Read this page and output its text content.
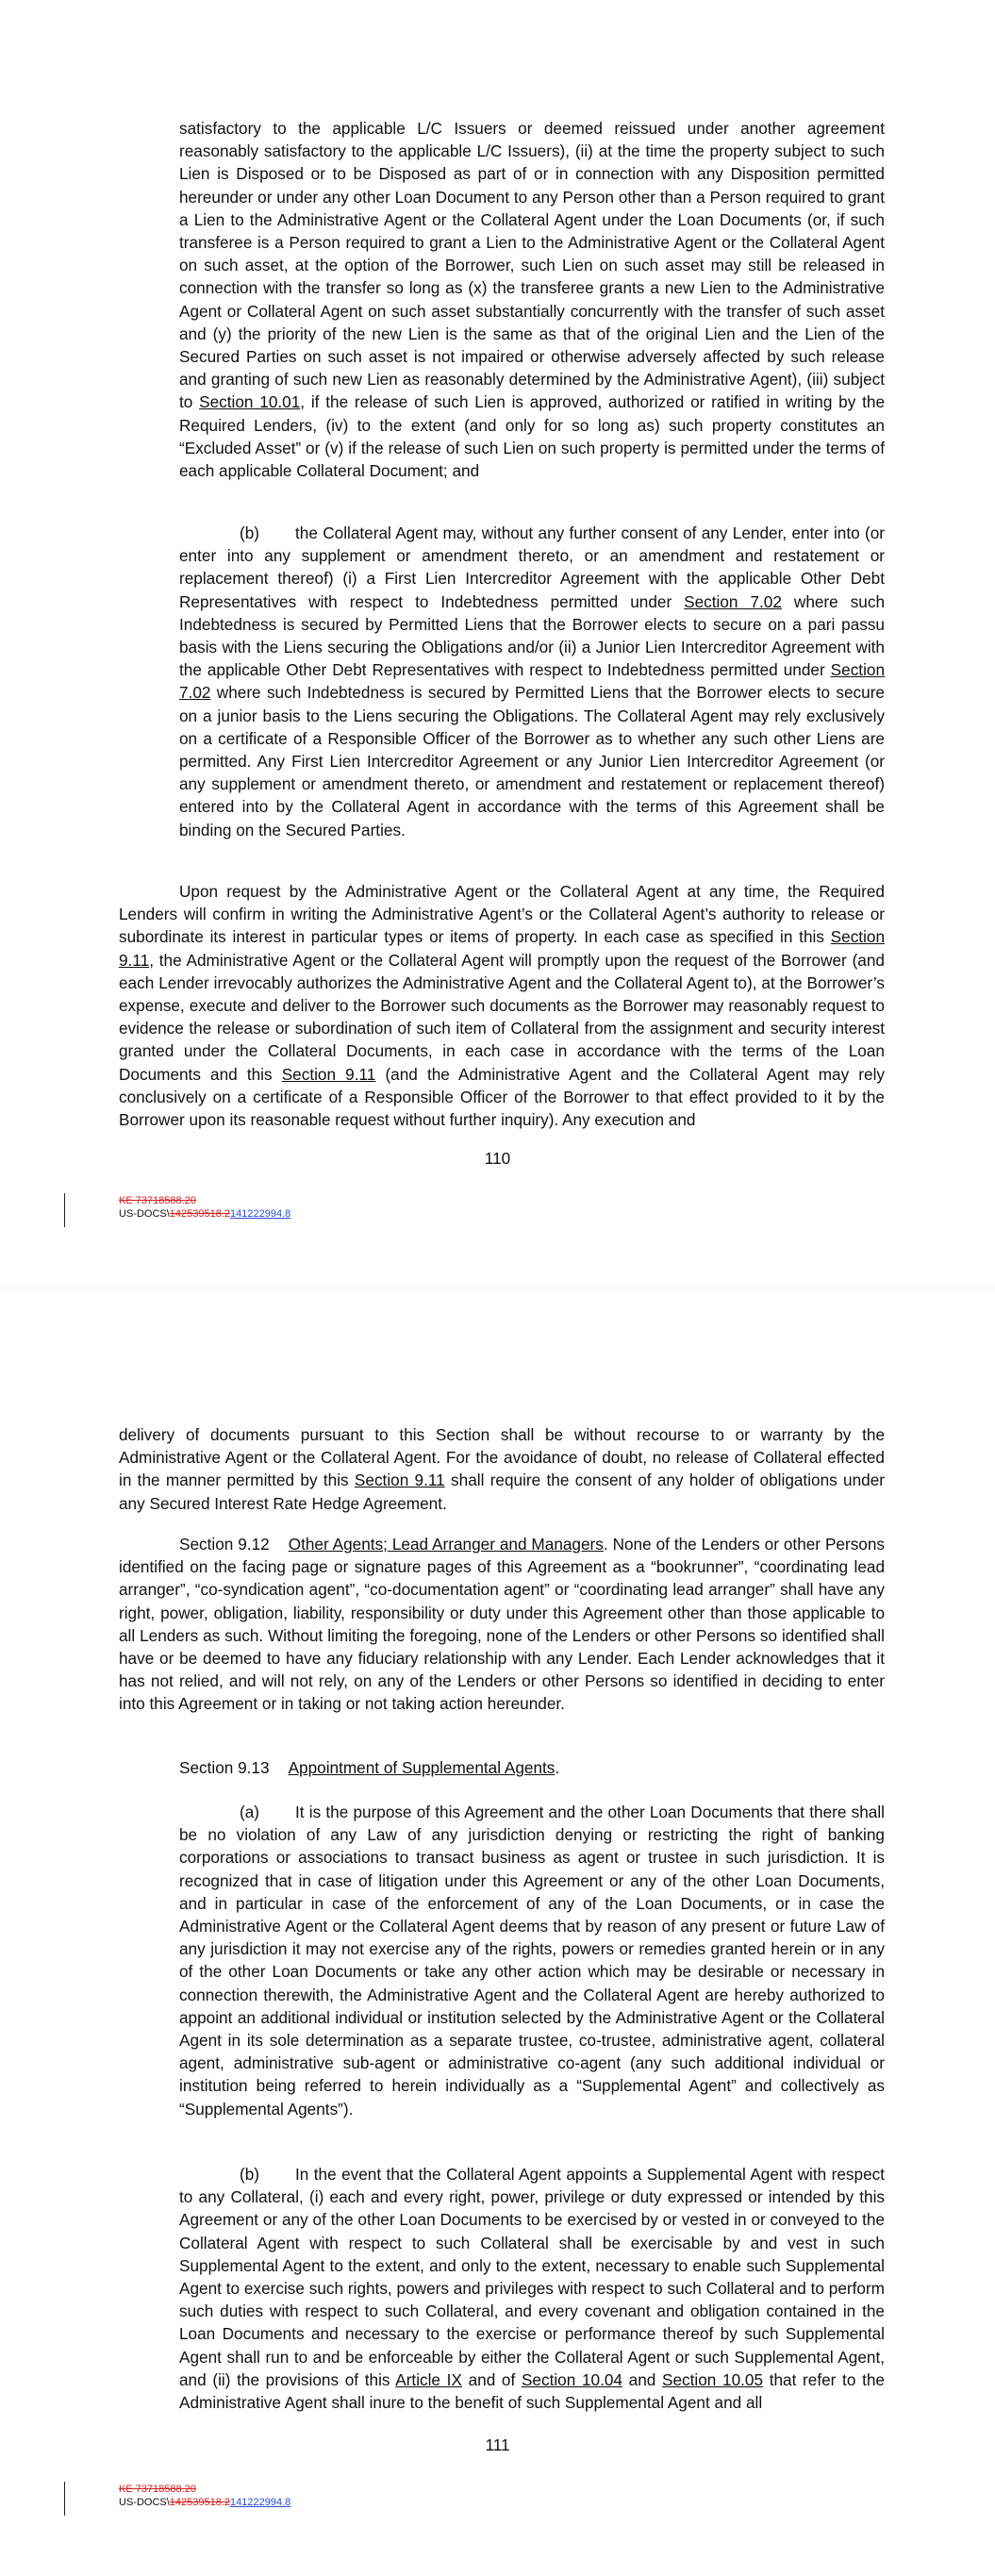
satisfactory to the applicable L/C Issuers or deemed reissued under another agreement reasonably satisfactory to the applicable L/C Issuers), (ii) at the time the property subject to such Lien is Disposed or to be Disposed as part of or in connection with any Disposition permitted hereunder or under any other Loan Document to any Person other than a Person required to grant a Lien to the Administrative Agent or the Collateral Agent under the Loan Documents (or, if such transferee is a Person required to grant a Lien to the Administrative Agent or the Collateral Agent on such asset, at the option of the Borrower, such Lien on such asset may still be released in connection with the transfer so long as (x) the transferee grants a new Lien to the Administrative Agent or Collateral Agent on such asset substantially concurrently with the transfer of such asset and (y) the priority of the new Lien is the same as that of the original Lien and the Lien of the Secured Parties on such asset is not impaired or otherwise adversely affected by such release and granting of such new Lien as reasonably determined by the Administrative Agent), (iii) subject to Section 10.01, if the release of such Lien is approved, authorized or ratified in writing by the Required Lenders, (iv) to the extent (and only for so long as) such property constitutes an “Excluded Asset” or (v) if the release of such Lien on such property is permitted under the terms of each applicable Collateral Document; and

(b) the Collateral Agent may, without any further consent of any Lender, enter into (or enter into any supplement or amendment thereto, or an amendment and restatement or replacement thereof) (i) a First Lien Intercreditor Agreement with the applicable Other Debt Representatives with respect to Indebtedness permitted under Section 7.02 where such Indebtedness is secured by Permitted Liens that the Borrower elects to secure on a pari passu basis with the Liens securing the Obligations and/or (ii) a Junior Lien Intercreditor Agreement with the applicable Other Debt Representatives with respect to Indebtedness permitted under Section 7.02 where such Indebtedness is secured by Permitted Liens that the Borrower elects to secure on a junior basis to the Liens securing the Obligations. The Collateral Agent may rely exclusively on a certificate of a Responsible Officer of the Borrower as to whether any such other Liens are permitted. Any First Lien Intercreditor Agreement or any Junior Lien Intercreditor Agreement (or any supplement or amendment thereto, or amendment and restatement or replacement thereof) entered into by the Collateral Agent in accordance with the terms of this Agreement shall be binding on the Secured Parties.

Upon request by the Administrative Agent or the Collateral Agent at any time, the Required Lenders will confirm in writing the Administrative Agent’s or the Collateral Agent’s authority to release or subordinate its interest in particular types or items of property. In each case as specified in this Section 9.11, the Administrative Agent or the Collateral Agent will promptly upon the request of the Borrower (and each Lender irrevocably authorizes the Administrative Agent and the Collateral Agent to), at the Borrower’s expense, execute and deliver to the Borrower such documents as the Borrower may reasonably request to evidence the release or subordination of such item of Collateral from the assignment and security interest granted under the Collateral Documents, in each case in accordance with the terms of the Loan Documents and this Section 9.11 (and the Administrative Agent and the Collateral Agent may rely conclusively on a certificate of a Responsible Officer of the Borrower to that effect provided to it by the Borrower upon its reasonable request without further inquiry). Any execution and

110
KE 73718588.20
US-DOCS\142539518.2141222994.8

delivery of documents pursuant to this Section shall be without recourse to or warranty by the Administrative Agent or the Collateral Agent. For the avoidance of doubt, no release of Collateral effected in the manner permitted by this Section 9.11 shall require the consent of any holder of obligations under any Secured Interest Rate Hedge Agreement.

Section 9.12 Other Agents; Lead Arranger and Managers. None of the Lenders or other Persons identified on the facing page or signature pages of this Agreement as a “bookrunner”, “coordinating lead arranger”, “co-syndication agent”, “co-documentation agent” or “coordinating lead arranger” shall have any right, power, obligation, liability, responsibility or duty under this Agreement other than those applicable to all Lenders as such. Without limiting the foregoing, none of the Lenders or other Persons so identified shall have or be deemed to have any fiduciary relationship with any Lender. Each Lender acknowledges that it has not relied, and will not rely, on any of the Lenders or other Persons so identified in deciding to enter into this Agreement or in taking or not taking action hereunder.

Section 9.13 Appointment of Supplemental Agents.

(a) It is the purpose of this Agreement and the other Loan Documents that there shall be no violation of any Law of any jurisdiction denying or restricting the right of banking corporations or associations to transact business as agent or trustee in such jurisdiction. It is recognized that in case of litigation under this Agreement or any of the other Loan Documents, and in particular in case of the enforcement of any of the Loan Documents, or in case the Administrative Agent or the Collateral Agent deems that by reason of any present or future Law of any jurisdiction it may not exercise any of the rights, powers or remedies granted herein or in any of the other Loan Documents or take any other action which may be desirable or necessary in connection therewith, the Administrative Agent and the Collateral Agent are hereby authorized to appoint an additional individual or institution selected by the Administrative Agent or the Collateral Agent in its sole determination as a separate trustee, co-trustee, administrative agent, collateral agent, administrative sub-agent or administrative co-agent (any such additional individual or institution being referred to herein individually as a “Supplemental Agent” and collectively as “Supplemental Agents”).

(b) In the event that the Collateral Agent appoints a Supplemental Agent with respect to any Collateral, (i) each and every right, power, privilege or duty expressed or intended by this Agreement or any of the other Loan Documents to be exercised by or vested in or conveyed to the Collateral Agent with respect to such Collateral shall be exercisable by and vest in such Supplemental Agent to the extent, and only to the extent, necessary to enable such Supplemental Agent to exercise such rights, powers and privileges with respect to such Collateral and to perform such duties with respect to such Collateral, and every covenant and obligation contained in the Loan Documents and necessary to the exercise or performance thereof by such Supplemental Agent shall run to and be enforceable by either the Collateral Agent or such Supplemental Agent, and (ii) the provisions of this Article IX and of Section 10.04 and Section 10.05 that refer to the Administrative Agent shall inure to the benefit of such Supplemental Agent and all

111
KE 73718588.20
US-DOCS\142539518.2141222994.8
